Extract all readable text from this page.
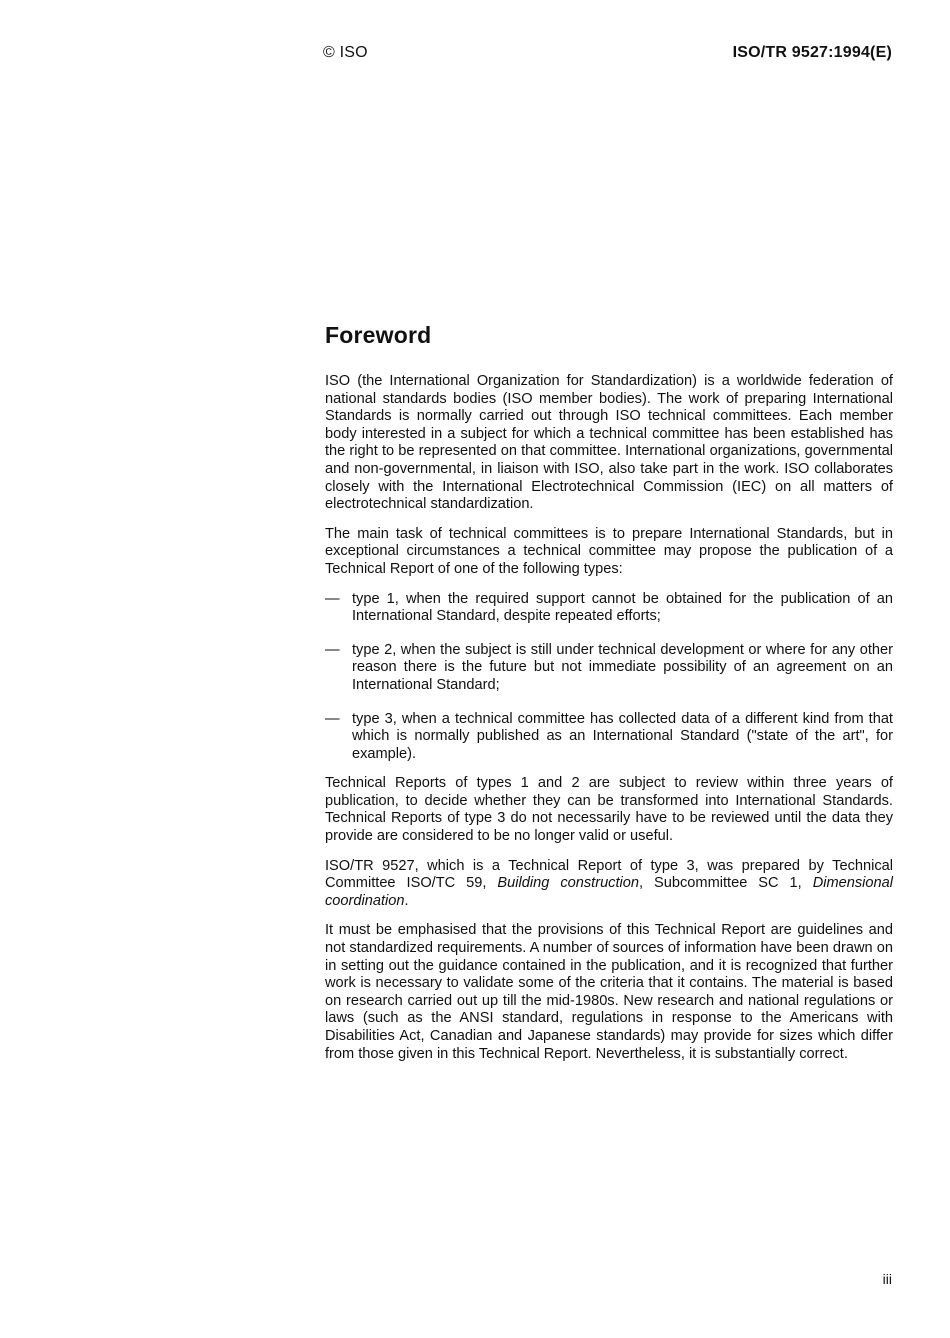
© ISO	ISO/TR 9527:1994(E)
Foreword

ISO (the International Organization for Standardization) is a worldwide federation of national standards bodies (ISO member bodies). The work of preparing International Standards is normally carried out through ISO technical committees. Each member body interested in a subject for which a technical committee has been established has the right to be represented on that committee. International organizations, governmental and non-governmental, in liaison with ISO, also take part in the work. ISO collaborates closely with the International Electrotechnical Commission (IEC) on all matters of electrotechnical standardization.

The main task of technical committees is to prepare International Standards, but in exceptional circumstances a technical committee may propose the publication of a Technical Report of one of the following types:

— type 1, when the required support cannot be obtained for the publication of an International Standard, despite repeated efforts;
— type 2, when the subject is still under technical development or where for any other reason there is the future but not immediate possibility of an agreement on an International Standard;
— type 3, when a technical committee has collected data of a different kind from that which is normally published as an International Standard ("state of the art", for example).

Technical Reports of types 1 and 2 are subject to review within three years of publication, to decide whether they can be transformed into International Standards. Technical Reports of type 3 do not necessarily have to be reviewed until the data they provide are considered to be no longer valid or useful.

ISO/TR 9527, which is a Technical Report of type 3, was prepared by Technical Committee ISO/TC 59, Building construction, Subcommittee SC 1, Dimensional coordination.

It must be emphasised that the provisions of this Technical Report are guidelines and not standardized requirements. A number of sources of information have been drawn on in setting out the guidance contained in the publication, and it is recognized that further work is necessary to validate some of the criteria that it contains. The material is based on research carried out up till the mid-1980s. New research and national regulations or laws (such as the ANSI standard, regulations in response to the Americans with Disabilities Act, Canadian and Japanese standards) may provide for sizes which differ from those given in this Technical Report. Nevertheless, it is substantially correct.

iii
